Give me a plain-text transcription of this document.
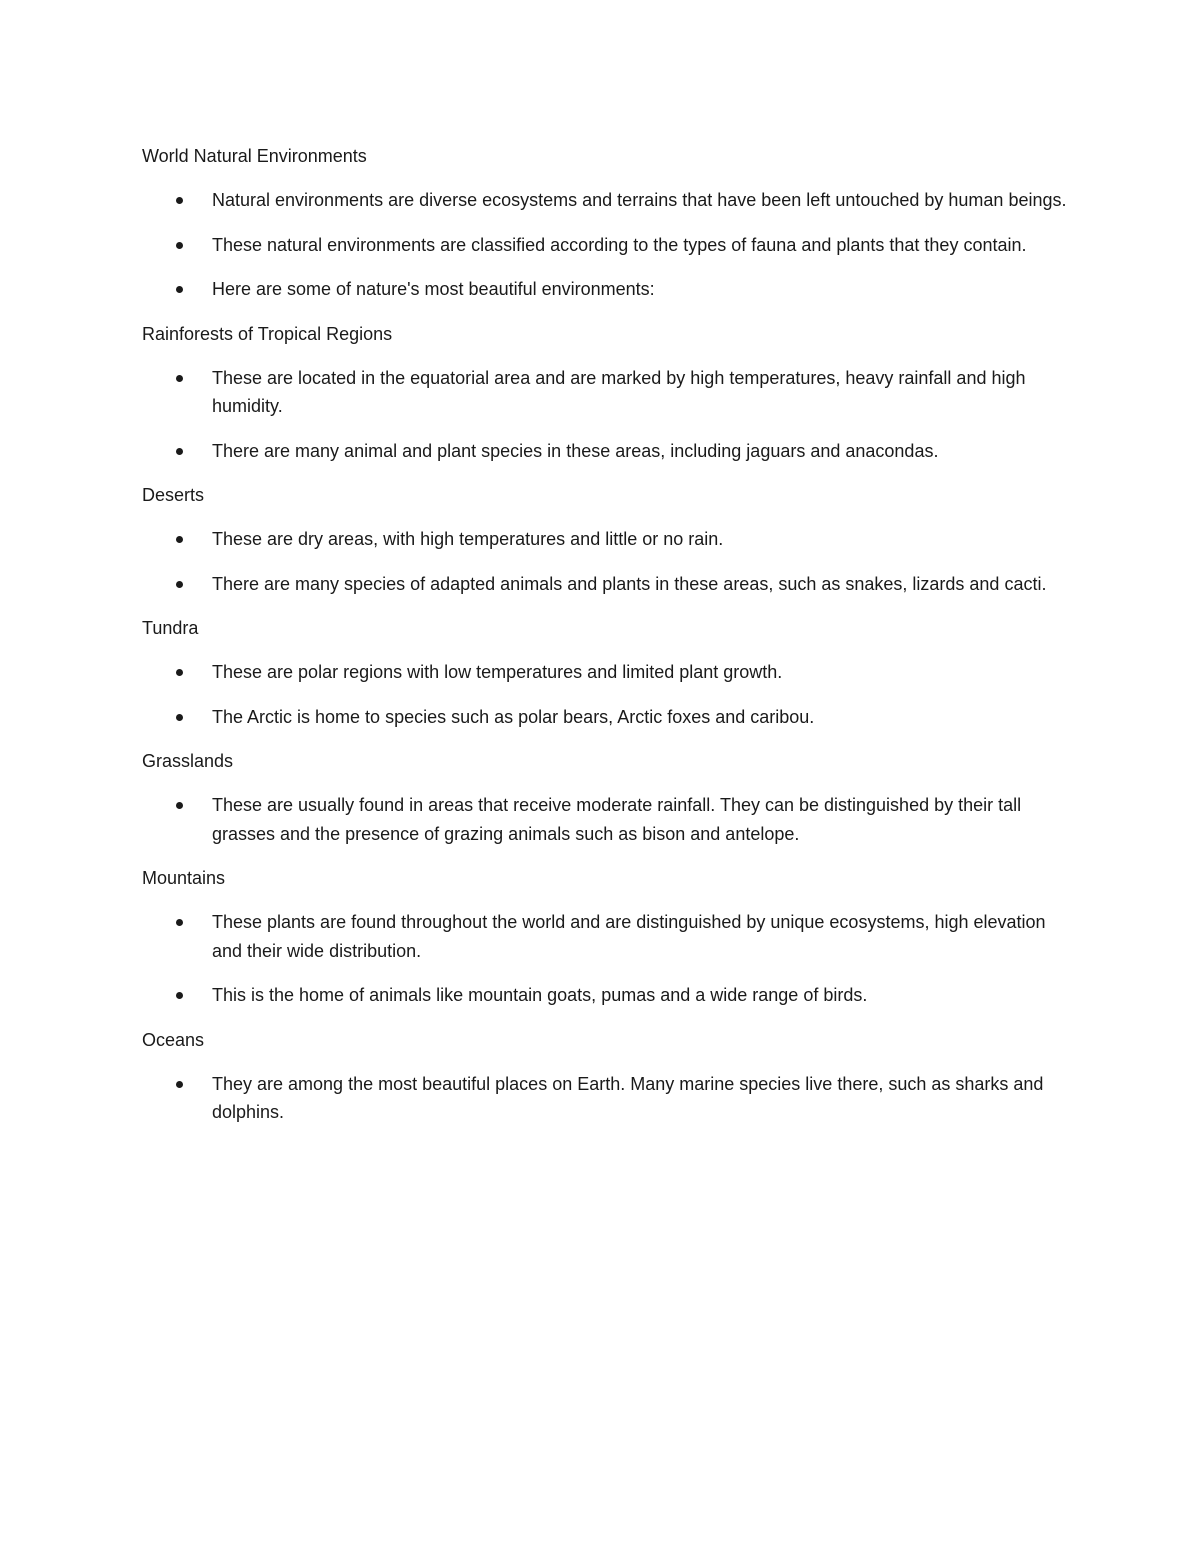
World Natural Environments
Natural environments are diverse ecosystems and terrains that have been left untouched by human beings.
These natural environments are classified according to the types of fauna and plants that they contain.
Here are some of nature's most beautiful environments:
Rainforests of Tropical Regions
These are located in the equatorial area and are marked by high temperatures, heavy rainfall and high humidity.
There are many animal and plant species in these areas, including jaguars and anacondas.
Deserts
These are dry areas, with high temperatures and little or no rain.
There are many species of adapted animals and plants in these areas, such as snakes, lizards and cacti.
Tundra
These are polar regions with low temperatures and limited plant growth.
The Arctic is home to species such as polar bears, Arctic foxes and caribou.
Grasslands
These are usually found in areas that receive moderate rainfall. They can be distinguished by their tall grasses and the presence of grazing animals such as bison and antelope.
Mountains
These plants are found throughout the world and are distinguished by unique ecosystems, high elevation and their wide distribution.
This is the home of animals like mountain goats, pumas and a wide range of birds.
Oceans
They are among the most beautiful places on Earth. Many marine species live there, such as sharks and dolphins.
